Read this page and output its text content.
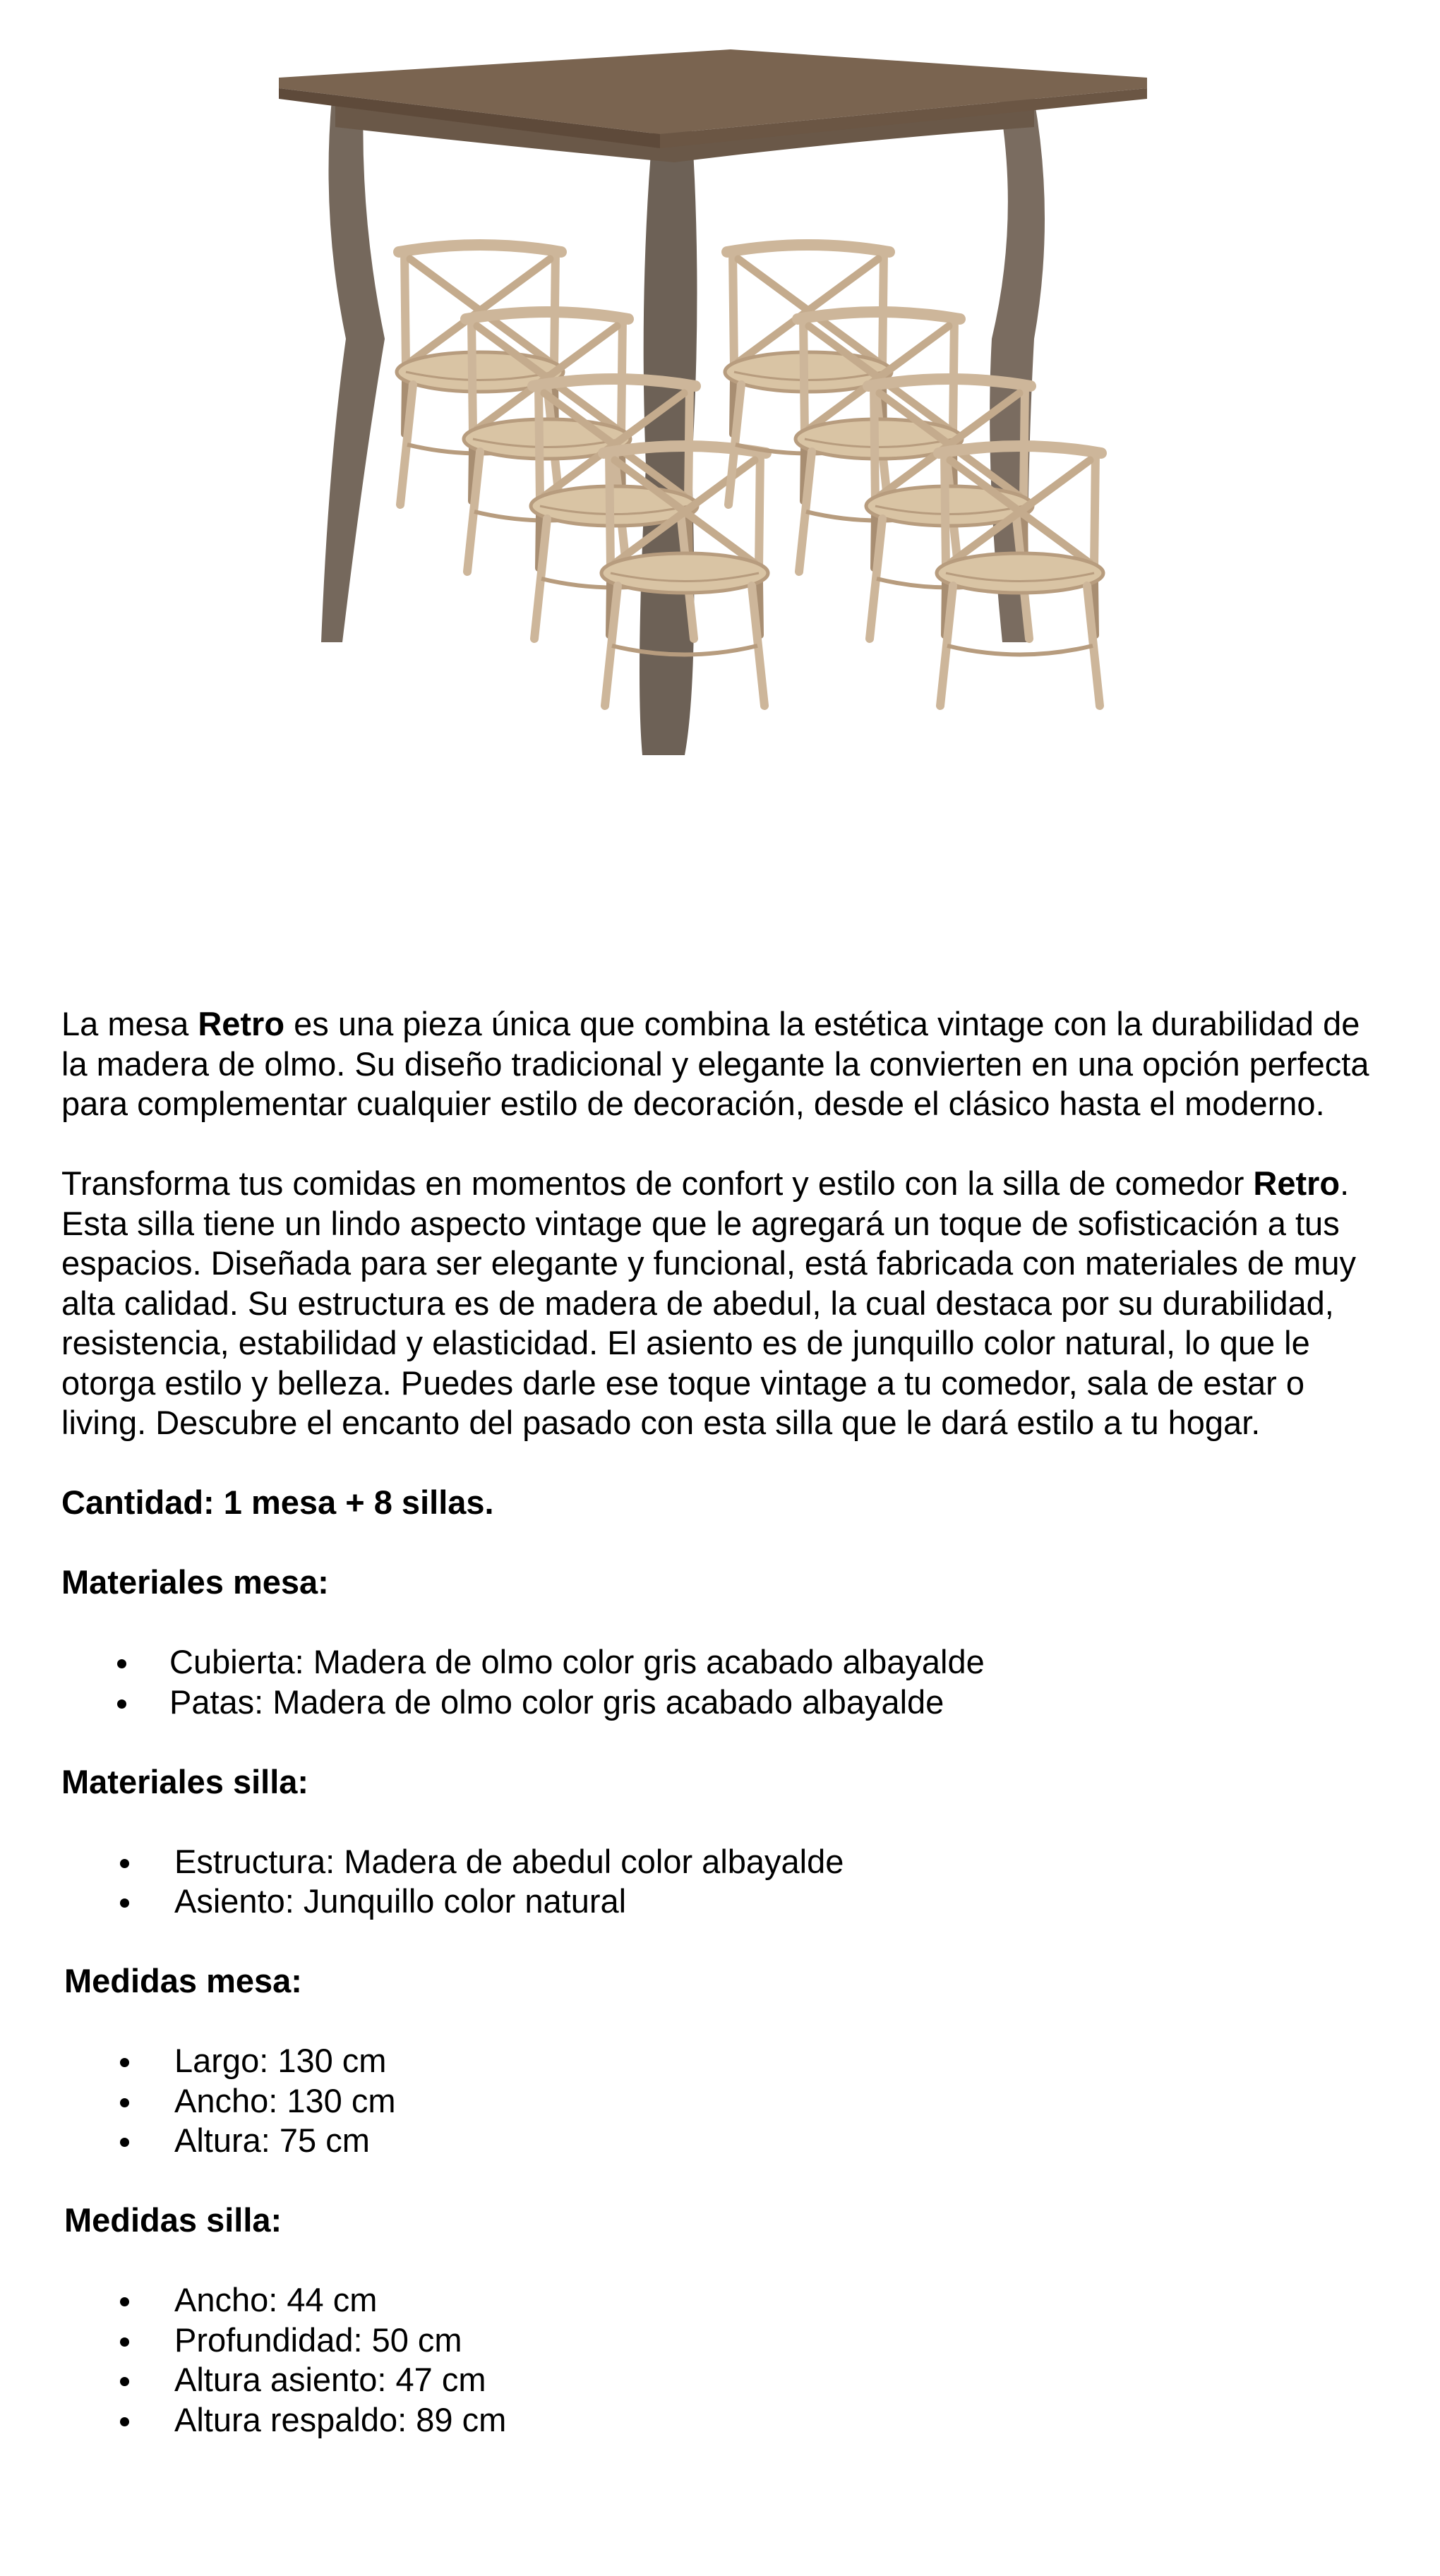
La mesa Retro es una pieza única que combina la estética vintage con la durabilidad de la madera de olmo. Su diseño tradicional y elegante la convierten en una opción perfecta para complementar cualquier estilo de decoración, desde el clásico hasta el moderno.

Transforma tus comidas en momentos de confort y estilo con la silla de comedor Retro. Esta silla tiene un lindo aspecto vintage que le agregará un toque de sofisticación a tus espacios. Diseñada para ser elegante y funcional, está fabricada con materiales de muy alta calidad. Su estructura es de madera de abedul, la cual destaca por su durabilidad, resistencia, estabilidad y elasticidad. El asiento es de junquillo color natural, lo que le otorga estilo y belleza. Puedes darle ese toque vintage a tu comedor, sala de estar o living. Descubre el encanto del pasado con esta silla que le dará estilo a tu hogar.

Cantidad: 1 mesa + 8 sillas.

Materiales mesa:

Cubierta: Madera de olmo color gris acabado albayalde
Patas: Madera de olmo color gris acabado albayalde

Materiales silla:

Estructura: Madera de abedul color albayalde
Asiento: Junquillo color natural

Medidas mesa:

Largo: 130 cm
Ancho: 130 cm
Altura: 75 cm

Medidas silla:

Ancho: 44 cm
Profundidad: 50 cm
Altura asiento: 47 cm
Altura respaldo: 89 cm
